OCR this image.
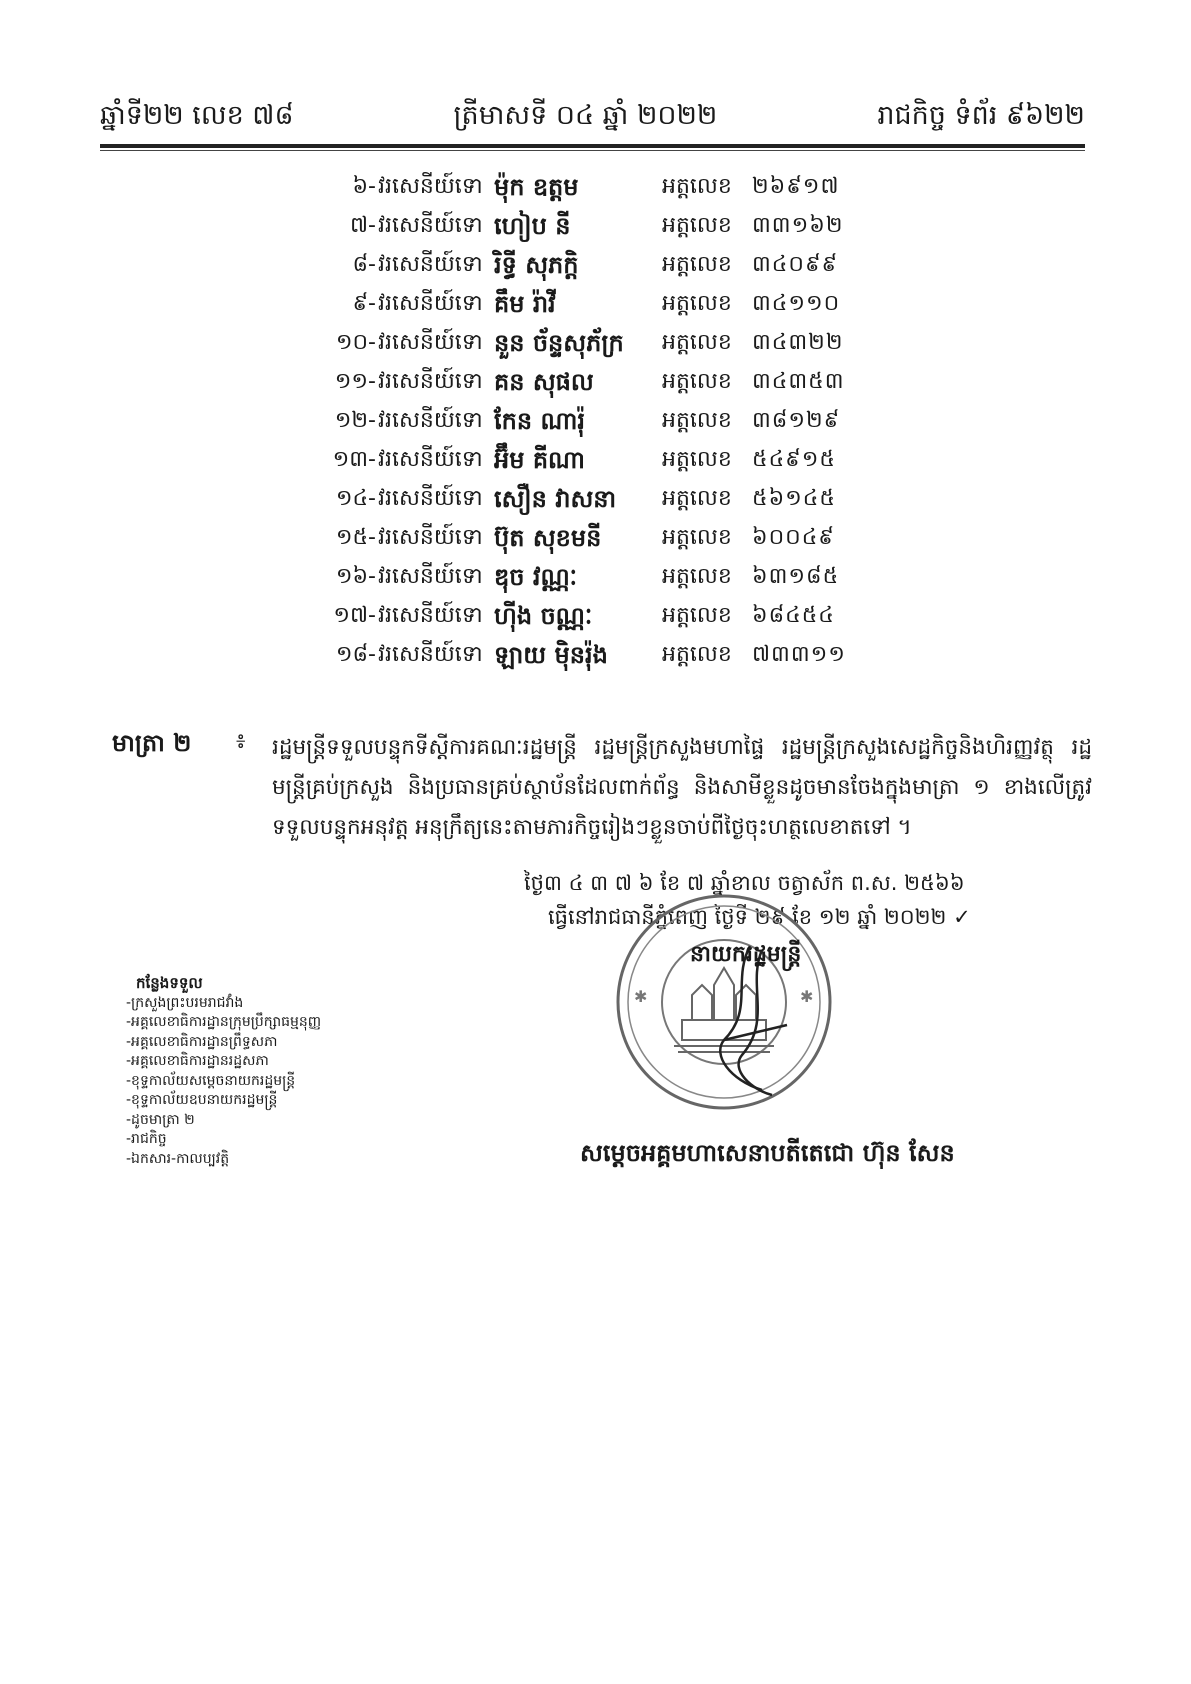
ឆ្នាំទី២២ លេខ ៧៨	ត្រីមាសទី ០៤ ឆ្នាំ ២០២២	រាជកិច្ច ទំព័រ ៩៦២២
៦- វរសេនីយ៍ទោ ម៉ុក ឧត្តម	អត្តលេខ ២៦៩១៧
៧- វរសេនីយ៍ទោ ហៀប នី	អត្តលេខ ៣៣១៦២
៨- វរសេនីយ៍ទោ រិទ្ធី សុភក្តិ	អត្តលេខ ៣៤០៩៩
៩- វរសេនីយ៍ទោ គឹម រ៉ាវី	អត្តលេខ ៣៤១១០
១០- វរសេនីយ៍ទោ នួន ច័ន្ទសុភ័ក្រ អត្តលេខ ៣៤៣២២
១១- វរសេនីយ៍ទោ គន សុផល	អត្តលេខ ៣៤៣៥៣
១២- វរសេនីយ៍ទោ កែន ណារ៉ុ	អត្តលេខ ៣៨១២៩
១៣- វរសេនីយ៍ទោ អ៊ឹម គីណា	អត្តលេខ ៥៤៩១៥
១៤- វរសេនីយ៍ទោ សឿន វាសនា អត្តលេខ ៥៦១៤៥
១៥- វរសេនីយ៍ទោ ប៊ុត សុខមនី	អត្តលេខ ៦០០៤៩
១៦- វរសេនីយ៍ទោ ឌុច វណ្ណៈ	អត្តលេខ ៦៣១៨៥
១៧- វរសេនីយ៍ទោ ហ៊ីង ចណ្ណៈ	អត្តលេខ ៦៨៤៥៤
១៨- វរសេនីយ៍ទោ ឡាយ ម៉ិនរ៉ុង អត្តលេខ ៧៣៣១១
មាត្រា ២ ៖ រដ្ឋមន្ត្រីទទួលបន្ទុកទីស្តីការគណៈរដ្ឋមន្ត្រី រដ្ឋមន្ត្រីក្រសួងមហាផ្ទៃ រដ្ឋមន្ត្រីក្រសួងសេដ្ឋកិច្ចនិងហិរញ្ញវត្ថុ រដ្ឋមន្ត្រីគ្រប់ក្រសួង និងប្រធានគ្រប់ស្ថាប័នដែលពាក់ព័ន្ធ និងសាមីខ្លួនដូចមានចែងក្នុងមាត្រា ១ ខាងលើត្រូវទទួលបន្ទុកអនុវត្ត អនុក្រឹត្យនេះតាមភារកិច្ចរៀងៗខ្លួនចាប់ពីថ្ងៃចុះហត្ថលេខាតទៅ ។
ថ្ងៃ៣ ៤ ៣ ៧ ៦ ខែ ៧ ឆ្នាំខាល ចត្វាស័ក ព.ស. ២៥៦៦
ធ្វើនៅរាជធានីភ្នំពេញ ថ្ងៃទី ២៩ ខែ ១២ ឆ្នាំ ២០២២ ✓
✱	✱
នាយករដ្ឋមន្ត្រី
កន្លែងទទួល
-ក្រសួងព្រះបរមរាជវាំង
-អគ្គលេខាធិការដ្ឋានក្រុមប្រឹក្សាធម្មនុញ្ញ
-អគ្គលេខាធិការដ្ឋានព្រឹទ្ធសភា
-អគ្គលេខាធិការដ្ឋានរដ្ឋសភា
-ខុទ្ទកាល័យសម្តេចនាយករដ្ឋមន្ត្រី
-ខុទ្ទកាល័យឧបនាយករដ្ឋមន្ត្រី
-ដូចមាត្រា ២
-រាជកិច្ច
-ឯកសារ-កាលប្បវត្តិ	សម្តេចអគ្គមហាសេនាបតីតេជោ ហ៊ុន សែន
